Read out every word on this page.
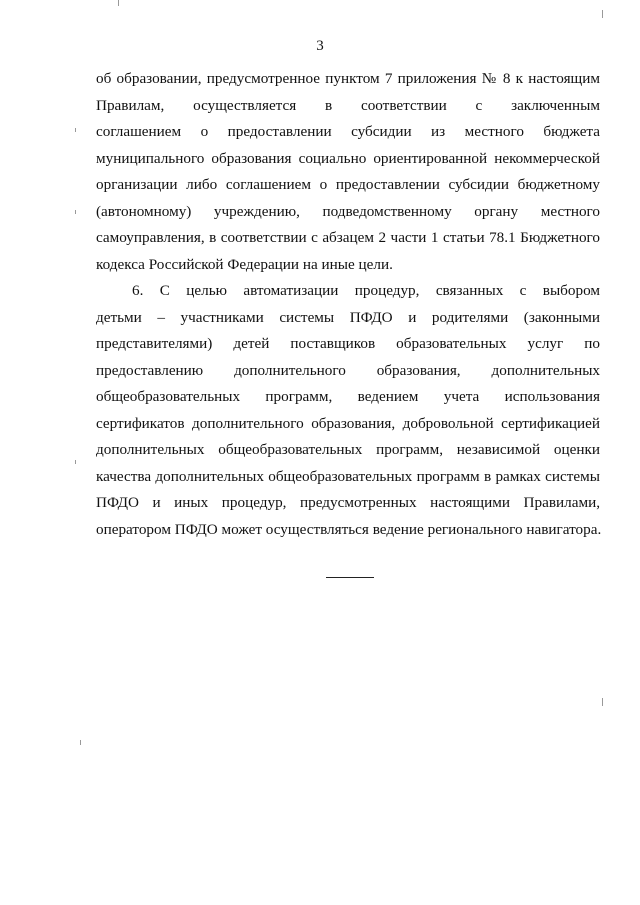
3
об образовании, предусмотренное пунктом 7 приложения № 8 к настоящим
Правилам, осуществляется в соответствии с заключенным
соглашением о предоставлении субсидии из местного бюджета
муниципального образования социально ориентированной некоммерческой
организации либо соглашением о предоставлении субсидии бюджетному
(автономному) учреждению, подведомственному органу местного
самоуправления, в соответствии с абзацем 2 части 1 статьи 78.1 Бюджетного
кодекса Российской Федерации на иные цели.
6. С целью автоматизации процедур, связанных с выбором
детьми – участниками системы ПФДО и родителями (законными
представителями) детей поставщиков образовательных услуг по
предоставлению дополнительного образования, дополнительных
общеобразовательных программ, ведением учета использования
сертификатов дополнительного образования, добровольной сертификацией
дополнительных общеобразовательных программ, независимой оценки
качества дополнительных общеобразовательных программ в рамках системы
ПФДО и иных процедур, предусмотренных настоящими Правилами,
оператором ПФДО может осуществляться ведение регионального навигатора.
